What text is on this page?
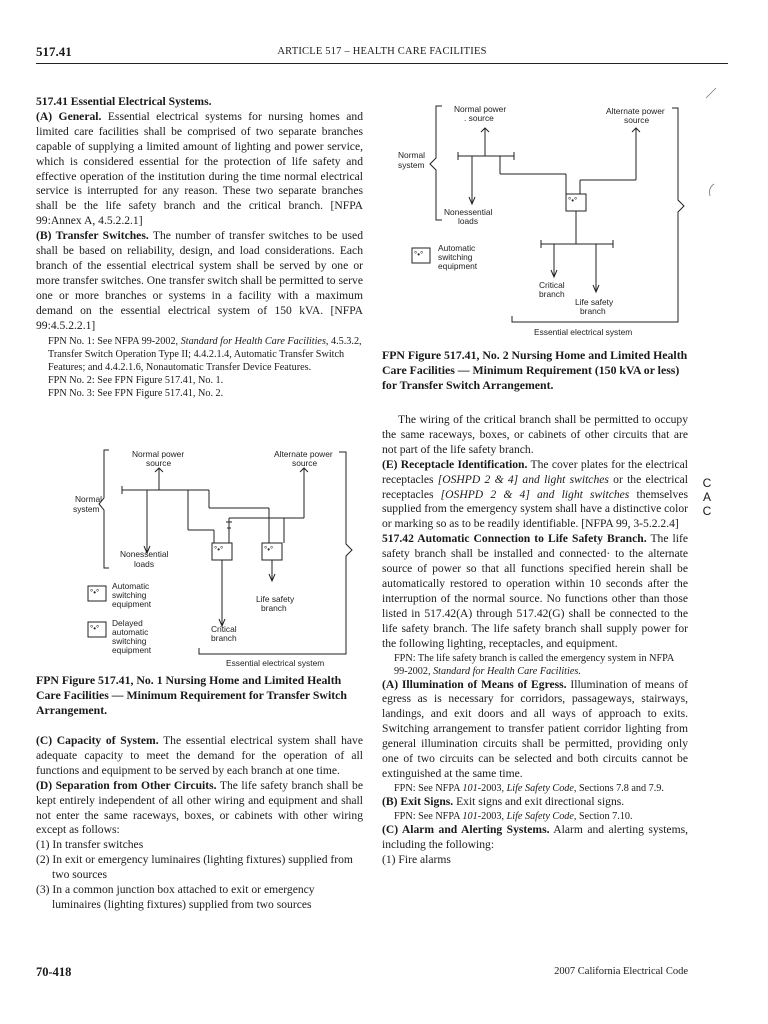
517.41	ARTICLE 517 – HEALTH CARE FACILITIES

517.41 Essential Electrical Systems.

(A) General. Essential electrical systems for nursing homes and limited care facilities shall be comprised of two separate branches capable of supplying a limited amount of lighting and power service, which is considered essential for the protection of life safety and effective operation of the institution during the time normal electrical service is interrupted for any reason. These two separate branches shall be the life safety branch and the critical branch. [NFPA 99:Annex A, 4.5.2.2.1]

(B) Transfer Switches. The number of transfer switches to be used shall be based on reliability, design, and load considerations. Each branch of the essential electrical system shall be served by one or more transfer switches. One transfer switch shall be permitted to serve one or more branches or systems in a facility with a maximum demand on the essential electrical system of 150 kVA. [NFPA 99:4.5.2.2.1]

FPN No. 1: See NFPA 99-2002, Standard for Health Care Facilities, 4.5.3.2, Transfer Switch Operation Type II; 4.4.2.1.4, Automatic Transfer Switch Features; and 4.4.2.1.6, Nonautomatic Transfer Device Features.

FPN No. 2: See FPN Figure 517.41, No. 1.

FPN No. 3: See FPN Figure 517.41, No. 2.

°•°	°•°
°•°
°•°
Normal power
source
Alternate power
source
Normal
system
Nonessential
loads
Automatic
switching
equipment	Life safety
branch
Delayed
automatic
switching
equipment
Critical
branch
Essential electrical system

FPN Figure 517.41, No. 1 Nursing Home and Limited Health Care Facilities — Minimum Requirement for Transfer Switch Arrangement.

(C) Capacity of System. The essential electrical system shall have adequate capacity to meet the demand for the operation of all functions and equipment to be served by each branch at one time.

(D) Separation from Other Circuits. The life safety branch shall be kept entirely independent of all other wiring and equipment and shall not enter the same raceways, boxes, or cabinets with other wiring except as follows:

(1) In transfer switches

(2) In exit or emergency luminaires (lighting fixtures) supplied from two sources

(3) In a common junction box attached to exit or emergency luminaires (lighting fixtures) supplied from two sources

°•°
°•°
Normal power
. source
Alternate power
source
Normal
system
Nonessential
loads
Automatic
switching
equipment
Critical
branch
Life safety
branch
Essential electrical system

FPN Figure 517.41, No. 2 Nursing Home and Limited Health Care Facilities — Minimum Requirement (150 kVA or less) for Transfer Switch Arrangement.

The wiring of the critical branch shall be permitted to occupy the same raceways, boxes, or cabinets of other circuits that are not part of the life safety branch.

(E) Receptacle Identification. The cover plates for the electrical receptacles [OSHPD 2 & 4] and light switches or the electrical receptacles [OSHPD 2 & 4] and light switches themselves supplied from the emergency system shall have a distinctive color or marking so as to be readily identifiable. [NFPA 99, 3-5.2.2.4]

517.42 Automatic Connection to Life Safety Branch. The life safety branch shall be installed and connected· to the alternate source of power so that all functions specified herein shall be automatically restored to operation within 10 seconds after the interruption of the normal source. No functions other than those listed in 517.42(A) through 517.42(G) shall be connected to the life safety branch. The life safety branch shall supply power for the following lighting, receptacles, and equipment.

FPN: The life safety branch is called the emergency system in NFPA 99-2002, Standard for Health Care Facilities.

(A) Illumination of Means of Egress. Illumination of means of egress as is necessary for corridors, passageways, stairways, landings, and exit doors and all ways of approach to exits. Switching arrangement to transfer patient corridor lighting from general illumination circuits shall be permitted, providing only one of two circuits can be selected and both circuits cannot be extinguished at the same time.

FPN: See NFPA 101-2003, Life Safety Code, Sections 7.8 and 7.9.

(B) Exit Signs. Exit signs and exit directional signs.

FPN: See NFPA 101-2003, Life Safety Code, Section 7.10.

(C) Alarm and Alerting Systems. Alarm and alerting systems, including the following:

(1) Fire alarms

C
A
C
70-418	2007 California Electrical Code
